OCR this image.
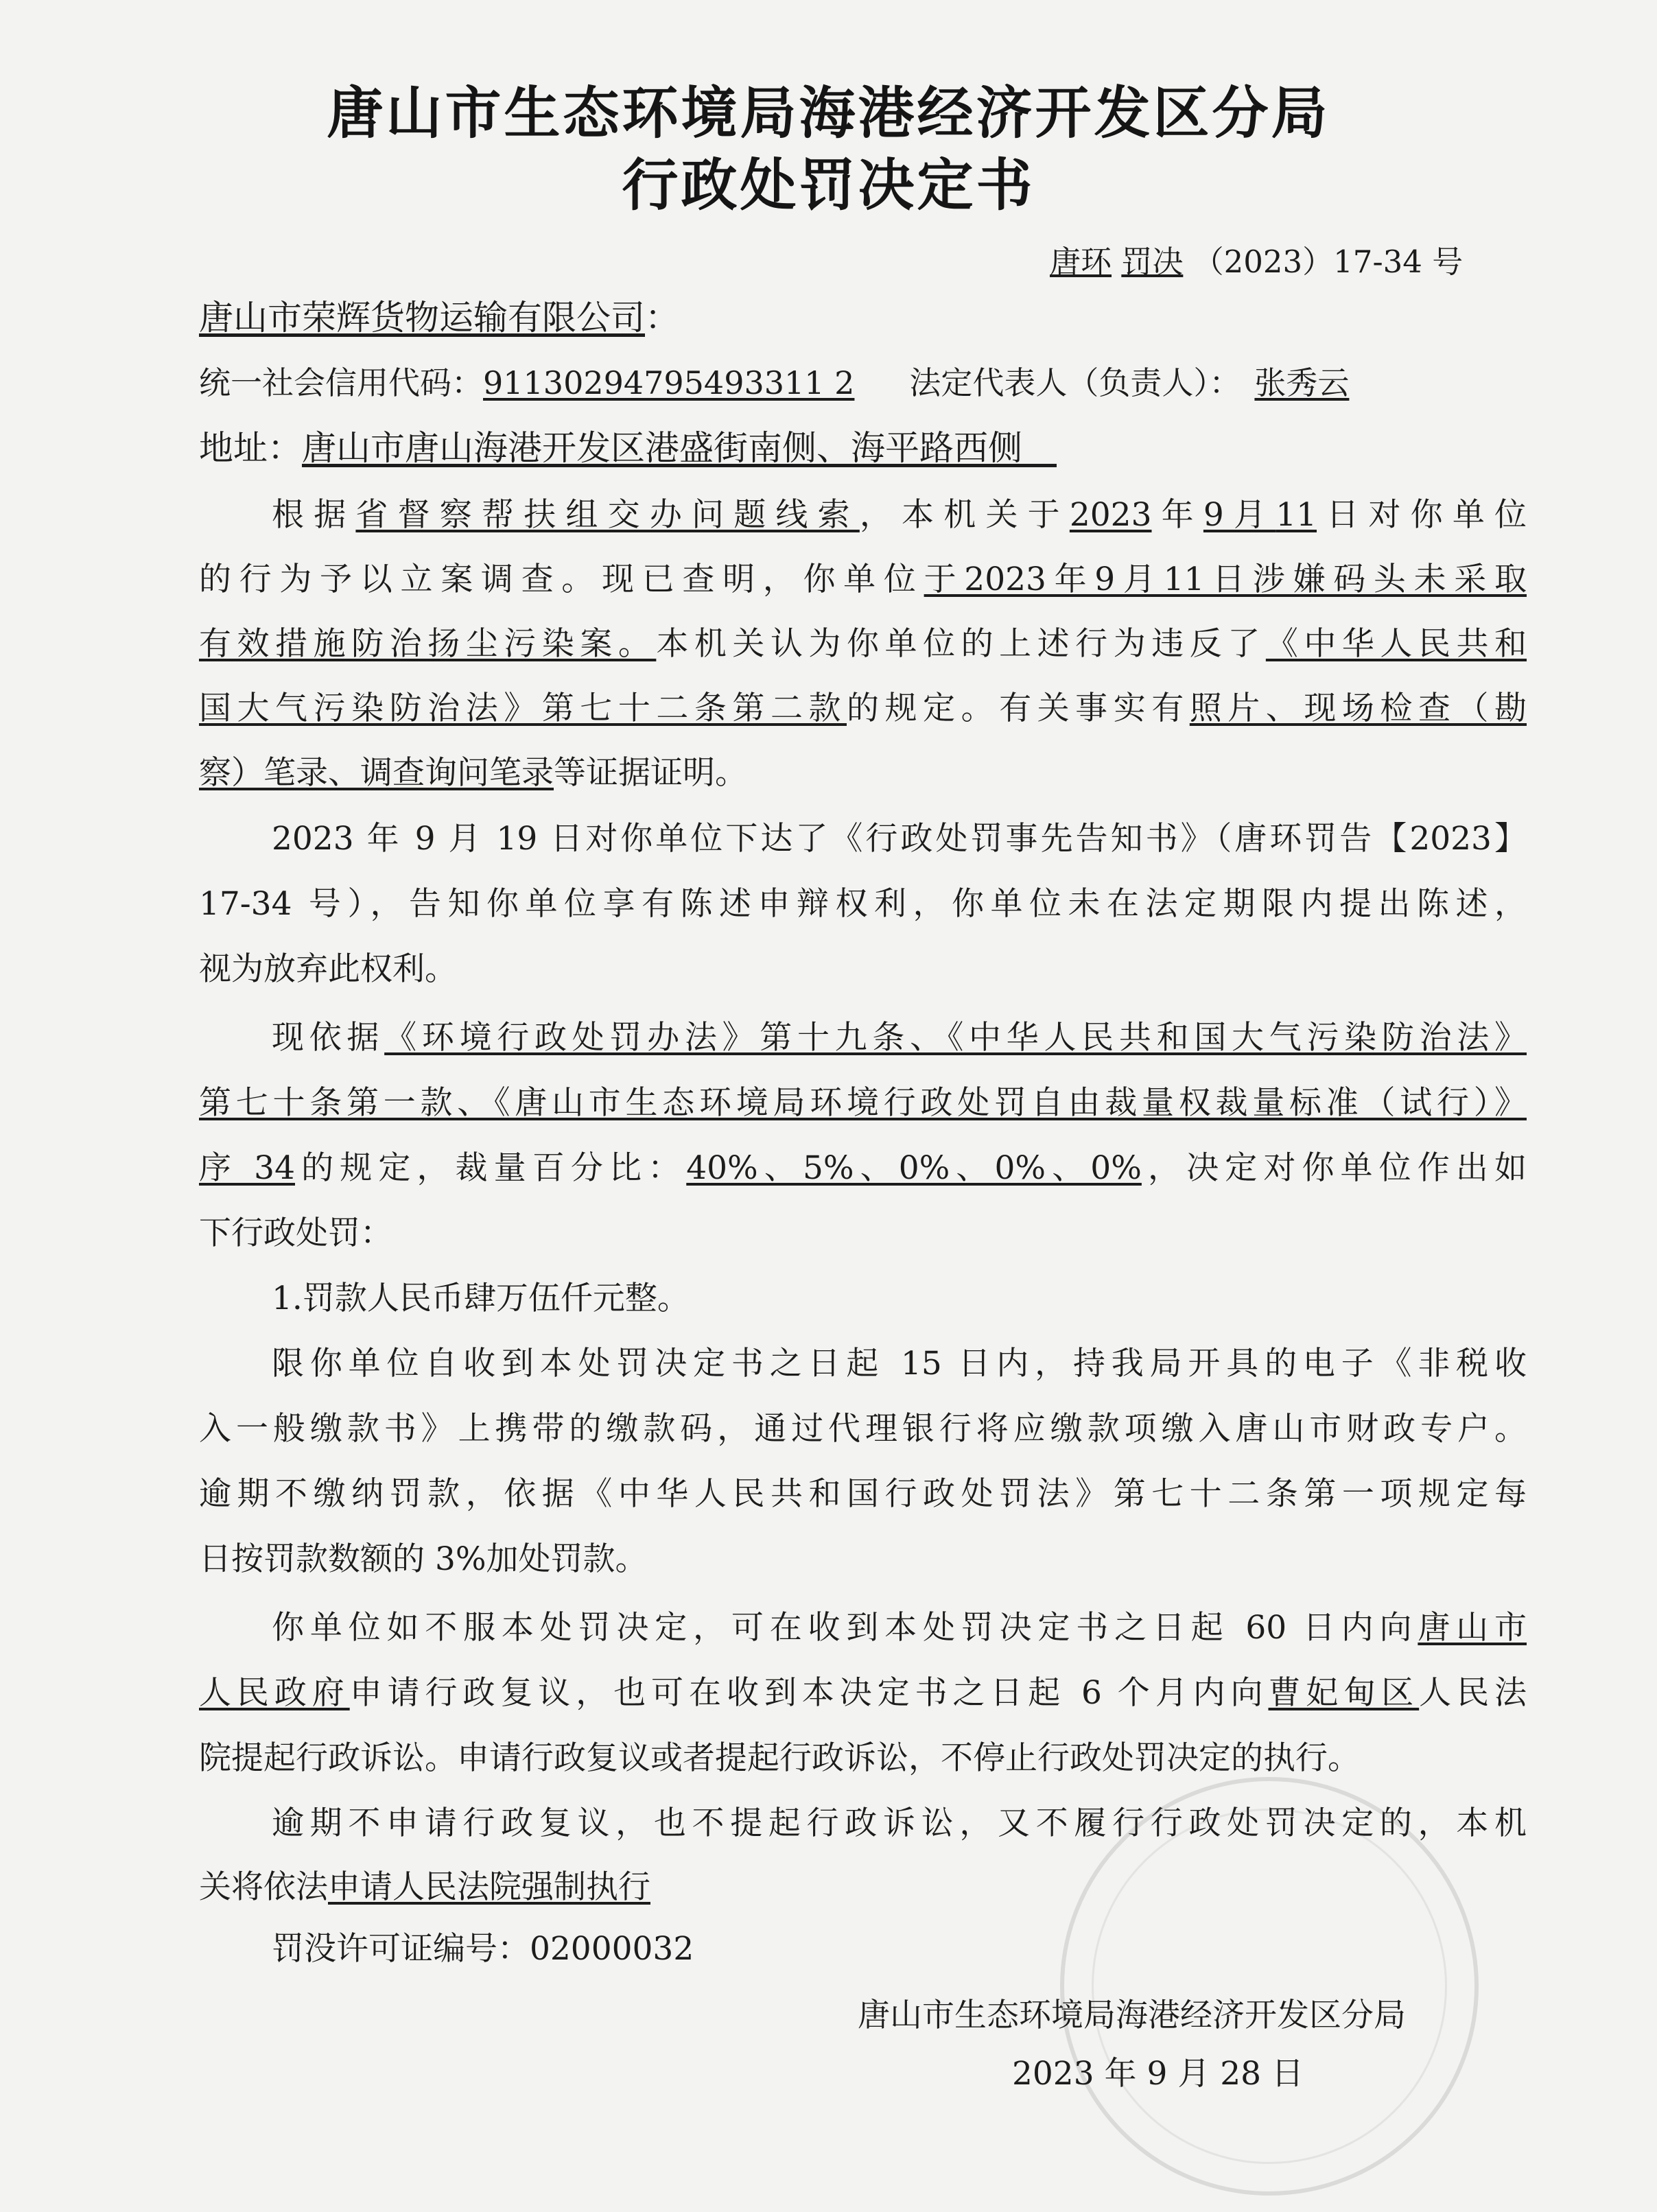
唐山市生态环境局海港经济开发区分局
行政处罚决定书
唐环 罚决 （2023）17-34 号
唐山市荣辉货物运输有限公司：
统一社会信用代码：91130294795493311 2 法定代表人（负责人）： 张秀云
地址：唐山市唐山海港开发区港盛街南侧、海平路西侧　
根据省督察帮扶组交办问题线索，本机关于2023年9月11日对你单位
的行为予以立案调查。现已查明，你单位于2023年9月11日涉嫌码头未采取
有效措施防治扬尘污染案。本机关认为你单位的上述行为违反了《中华人民共和
国大气污染防治法》第七十二条第二款的规定。有关事实有照片、现场检查（勘
察）笔录、调查询问笔录等证据证明。
2023 年 9 月 19 日对你单位下达了《行政处罚事先告知书》（唐环罚告【2023】
17-34 号），告知你单位享有陈述申辩权利，你单位未在法定期限内提出陈述，
视为放弃此权利。
现依据《环境行政处罚办法》第十九条、《中华人民共和国大气污染防治法》
第七十条第一款、《唐山市生态环境局环境行政处罚自由裁量权裁量标准（试行）》
序 34的规定，裁量百分比：40%、5%、0%、0%、0%，决定对你单位作出如
下行政处罚：
1.罚款人民币肆万伍仟元整。
限你单位自收到本处罚决定书之日起 15 日内，持我局开具的电子《非税收
入一般缴款书》上携带的缴款码，通过代理银行将应缴款项缴入唐山市财政专户。
逾期不缴纳罚款，依据《中华人民共和国行政处罚法》第七十二条第一项规定每
日按罚款数额的 3%加处罚款。
你单位如不服本处罚决定，可在收到本处罚决定书之日起 60 日内向唐山市
人民政府申请行政复议，也可在收到本决定书之日起 6 个月内向曹妃甸区人民法
院提起行政诉讼。申请行政复议或者提起行政诉讼，不停止行政处罚决定的执行。
逾期不申请行政复议，也不提起行政诉讼，又不履行行政处罚决定的，本机
关将依法申请人民法院强制执行
唐山市生态环境局海港经济开发区分局
2023 年 9 月 28 日
罚没许可证编号：02000032
